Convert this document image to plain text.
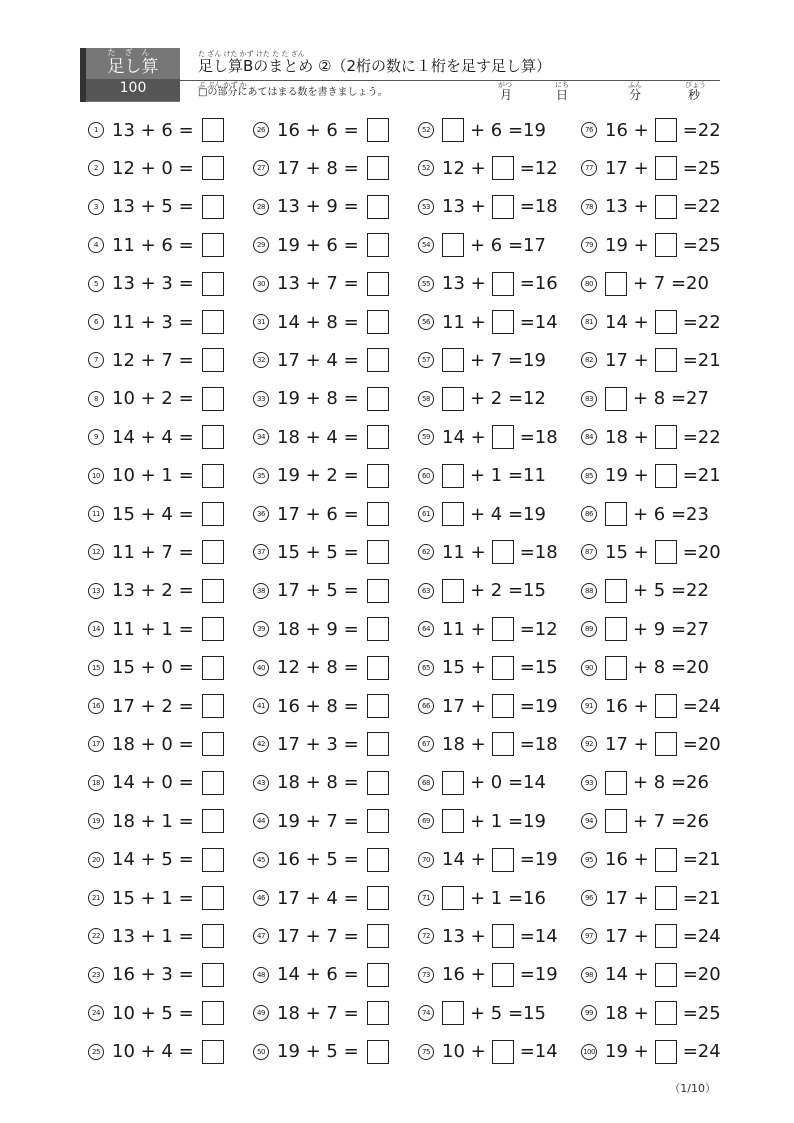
たざん
足し算
100
た ざん けた かず けた た た ざん
足し算Bのまとめ ②（2桁の数に１桁を足す足し算）
ぶ ぶん かず か
□の部分にあてはまる数を書きましょう。
がつ
月
にち
日
ふん
分
びょう
秒
1 13 + 6 =
2 12 + 0 =
3 13 + 5 =
4 11 + 6 =
5 13 + 3 =
6 11 + 3 =
7 12 + 7 =
8 10 + 2 =
9 14 + 4 =
10 10 + 1 =
11 15 + 4 =
12 11 + 7 =
13 13 + 2 =
14 11 + 1 =
15 15 + 0 =
16 17 + 2 =
17 18 + 0 =
18 14 + 0 =
19 18 + 1 =
20 14 + 5 =
21 15 + 1 =
22 13 + 1 =
23 16 + 3 =
24 10 + 5 =
25 10 + 4 =
26 16 + 6 =
27 17 + 8 =
28 13 + 9 =
29 19 + 6 =
30 13 + 7 =
31 14 + 8 =
32 17 + 4 =
33 19 + 8 =
34 18 + 4 =
35 19 + 2 =
36 17 + 6 =
37 15 + 5 =
38 17 + 5 =
39 18 + 9 =
40 12 + 8 =
41 16 + 8 =
42 17 + 3 =
43 18 + 8 =
44 19 + 7 =
45 16 + 5 =
46 17 + 4 =
47 17 + 7 =
48 14 + 6 =
49 18 + 7 =
50 19 + 5 =
52 + 6 =19
52 12 + =12
53 13 + =18
54 + 6 =17
55 13 + =16
56 11 + =14
57 + 7 =19
58 + 2 =12
59 14 + =18
60 + 1 =11
61 + 4 =19
62 11 + =18
63 + 2 =15
64 11 + =12
65 15 + =15
66 17 + =19
67 18 + =18
68 + 0 =14
69 + 1 =19
70 14 + =19
71 + 1 =16
72 13 + =14
73 16 + =19
74 + 5 =15
75 10 + =14
76 16 + =22
77 17 + =25
78 13 + =22
79 19 + =25
80 + 7 =20
81 14 + =22
82 17 + =21
83 + 8 =27
84 18 + =22
85 19 + =21
86 + 6 =23
87 15 + =20
88 + 5 =22
89 + 9 =27
90 + 8 =20
91 16 + =24
92 17 + =20
93 + 8 =26
94 + 7 =26
95 16 + =21
96 17 + =21
97 17 + =24
98 14 + =20
99 18 + =25
100 19 + =24
（1/10）
